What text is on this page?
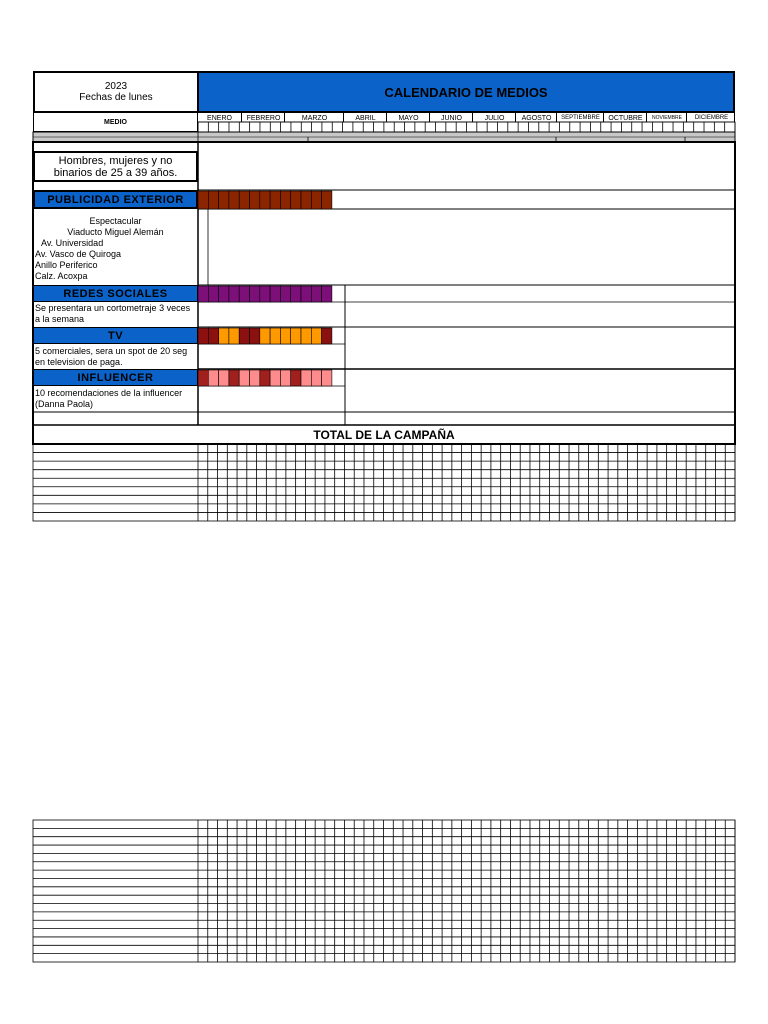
2023
Fechas de lunes	CALENDARIO DE MEDIOS
MEDIO
ENERO	FEBRERO	MARZO	ABRIL	MAYO	JUNIO	JULIO	AGOSTO	SEPTIEMBRE	OCTUBRE	NOVIEMBRE	DICIEMBRE
Hombres, mujeres y no binarios de 25 a 39 años.
PUBLICIDAD EXTERIOR
Espectacular
Viaducto Miguel Alemán
Av. Universidad
Av. Vasco de Quiroga
Anillo Periferico
Calz. Acoxpa
REDES SOCIALES
Se presentara un cortometraje 3 veces a la semana
TV
5 comerciales, sera un spot de 20 seg en television de paga.
INFLUENCER
10 recomendaciones de la influencer (Danna Paola)
TOTAL DE LA CAMPAÑA
